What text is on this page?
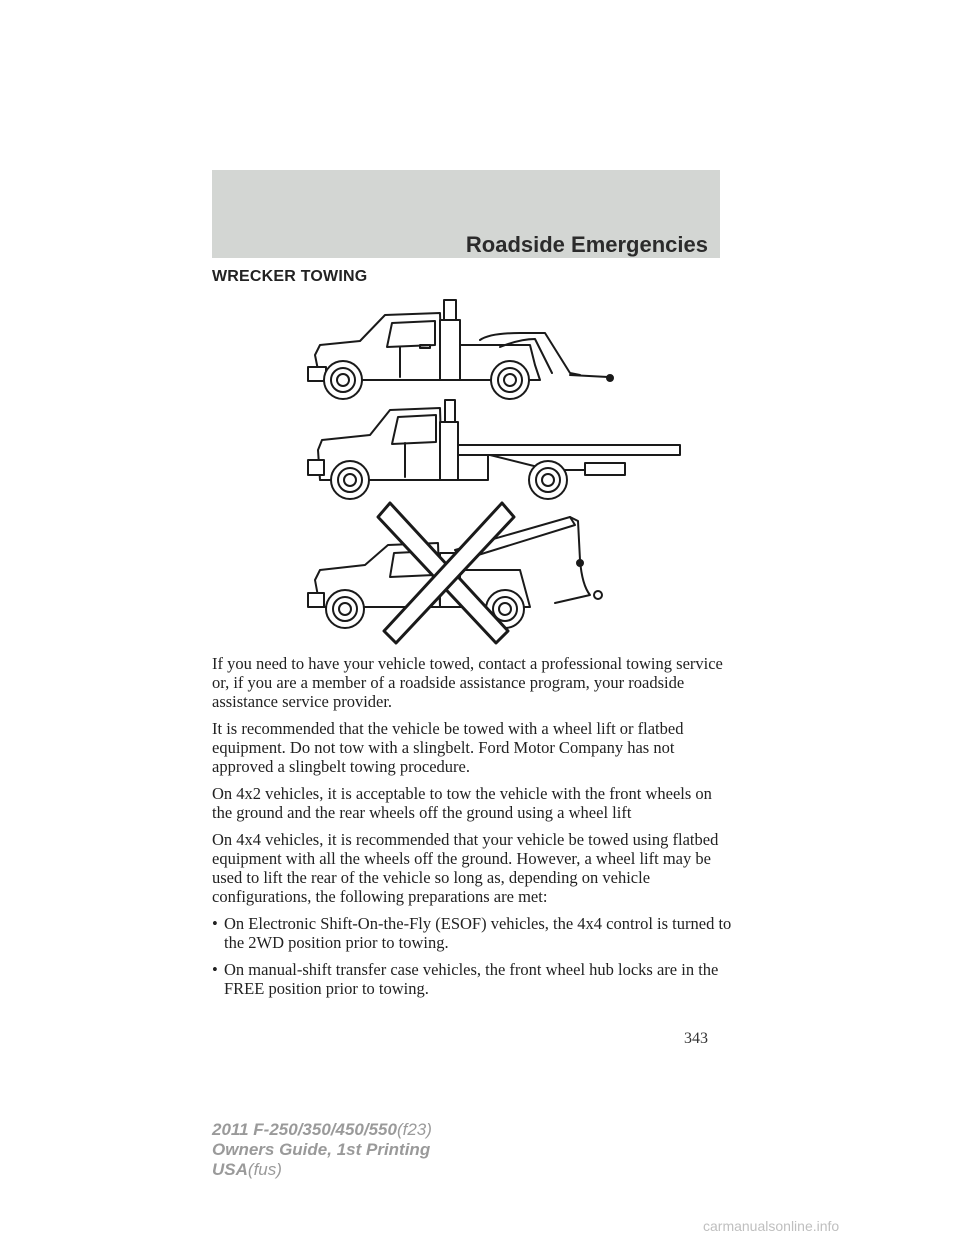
Roadside Emergencies
WRECKER TOWING

If you need to have your vehicle towed, contact a professional towing service or, if you are a member of a roadside assistance program, your roadside assistance service provider.

It is recommended that the vehicle be towed with a wheel lift or flatbed equipment. Do not tow with a slingbelt. Ford Motor Company has not approved a slingbelt towing procedure.

On 4x2 vehicles, it is acceptable to tow the vehicle with the front wheels on the ground and the rear wheels off the ground using a wheel lift

On 4x4 vehicles, it is recommended that your vehicle be towed using flatbed equipment with all the wheels off the ground. However, a wheel lift may be used to lift the rear of the vehicle so long as, depending on vehicle configurations, the following preparations are met:

• On Electronic Shift-On-the-Fly (ESOF) vehicles, the 4x4 control is turned to the 2WD position prior to towing.
• On manual-shift transfer case vehicles, the front wheel hub locks are in the FREE position prior to towing.
343
2011 F-250/350/450/550(f23)
Owners Guide, 1st Printing
USA(fus)
carmanualsonline.info
